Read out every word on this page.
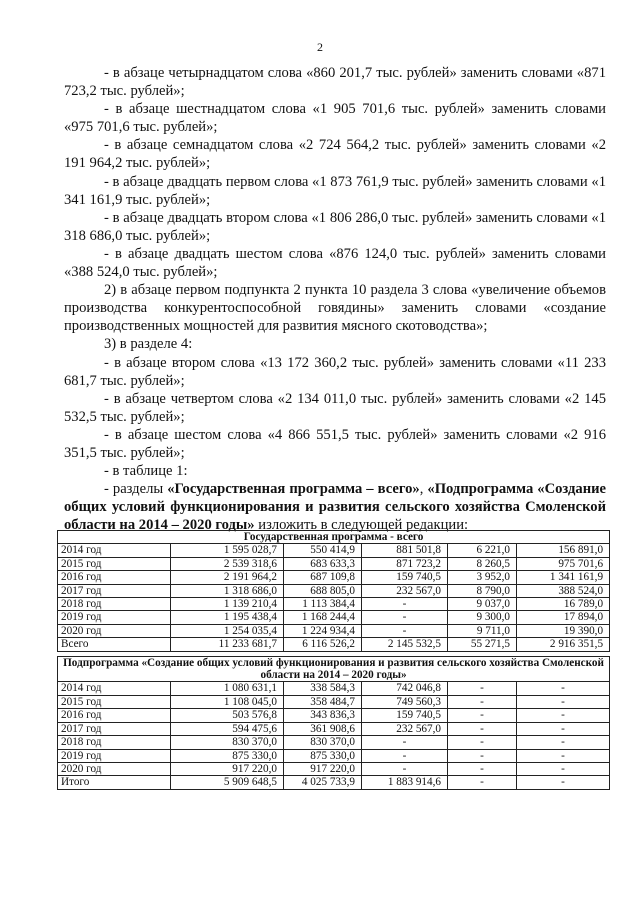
2

- в абзаце четырнадцатом слова «860 201,7 тыс. рублей» заменить словами «871 723,2 тыс. рублей»;

- в абзаце шестнадцатом слова «1 905 701,6 тыс. рублей» заменить словами «975 701,6 тыс. рублей»;

- в абзаце семнадцатом слова «2 724 564,2 тыс. рублей» заменить словами «2 191 964,2 тыс. рублей»;

- в абзаце двадцать первом слова «1 873 761,9 тыс. рублей» заменить словами «1 341 161,9 тыс. рублей»;

- в абзаце двадцать втором слова «1 806 286,0 тыс. рублей» заменить словами «1 318 686,0 тыс. рублей»;

- в абзаце двадцать шестом слова «876 124,0 тыс. рублей» заменить словами «388 524,0 тыс. рублей»;

2) в абзаце первом подпункта 2 пункта 10 раздела 3 слова «увеличение объемов производства конкурентоспособной говядины» заменить словами «создание производственных мощностей для развития мясного скотоводства»;

3) в разделе 4:

- в абзаце втором слова «13 172 360,2 тыс. рублей» заменить словами «11 233 681,7 тыс. рублей»;

- в абзаце четвертом слова «2 134 011,0 тыс. рублей» заменить словами «2 145 532,5 тыс. рублей»;

- в абзаце шестом слова «4 866 551,5 тыс. рублей» заменить словами «2 916 351,5 тыс. рублей»;

- в таблице 1:

- разделы «Государственная программа – всего», «Подпрограмма «Создание общих условий функционирования и развития сельского хозяйства Смоленской области на 2014 – 2020 годы» изложить в следующей редакции:

Государственная программа - всего					
2014 год	1 595 028,7	550 414,9	881 501,8	6 221,0	156 891,0
2015 год	2 539 318,6	683 633,3	871 723,2	8 260,5	975 701,6
2016 год	2 191 964,2	687 109,8	159 740,5	3 952,0	1 341 161,9
2017 год	1 318 686,0	688 805,0	232 567,0	8 790,0	388 524,0
2018 год	1 139 210,4	1 113 384,4	-	9 037,0	16 789,0
2019 год	1 195 438,4	1 168 244,4	-	9 300,0	17 894,0
2020 год	1 254 035,4	1 224 934,4	-	9 711,0	19 390,0
Всего	11 233 681,7	6 116 526,2	2 145 532,5	55 271,5	2 916 351,5

Подпрограмма «Создание общих условий функционирования и развития сельского хозяйства Смоленской области на 2014 – 2020 годы»					
2014 год	1 080 631,1	338 584,3	742 046,8	-	-
2015 год	1 108 045,0	358 484,7	749 560,3	-	-
2016 год	503 576,8	343 836,3	159 740,5	-	-
2017 год	594 475,6	361 908,6	232 567,0	-	-
2018 год	830 370,0	830 370,0	-	-	-
2019 год	875 330,0	875 330,0	-	-	-
2020 год	917 220,0	917 220,0	-	-	-
Итого	5 909 648,5	4 025 733,9	1 883 914,6	-	-
